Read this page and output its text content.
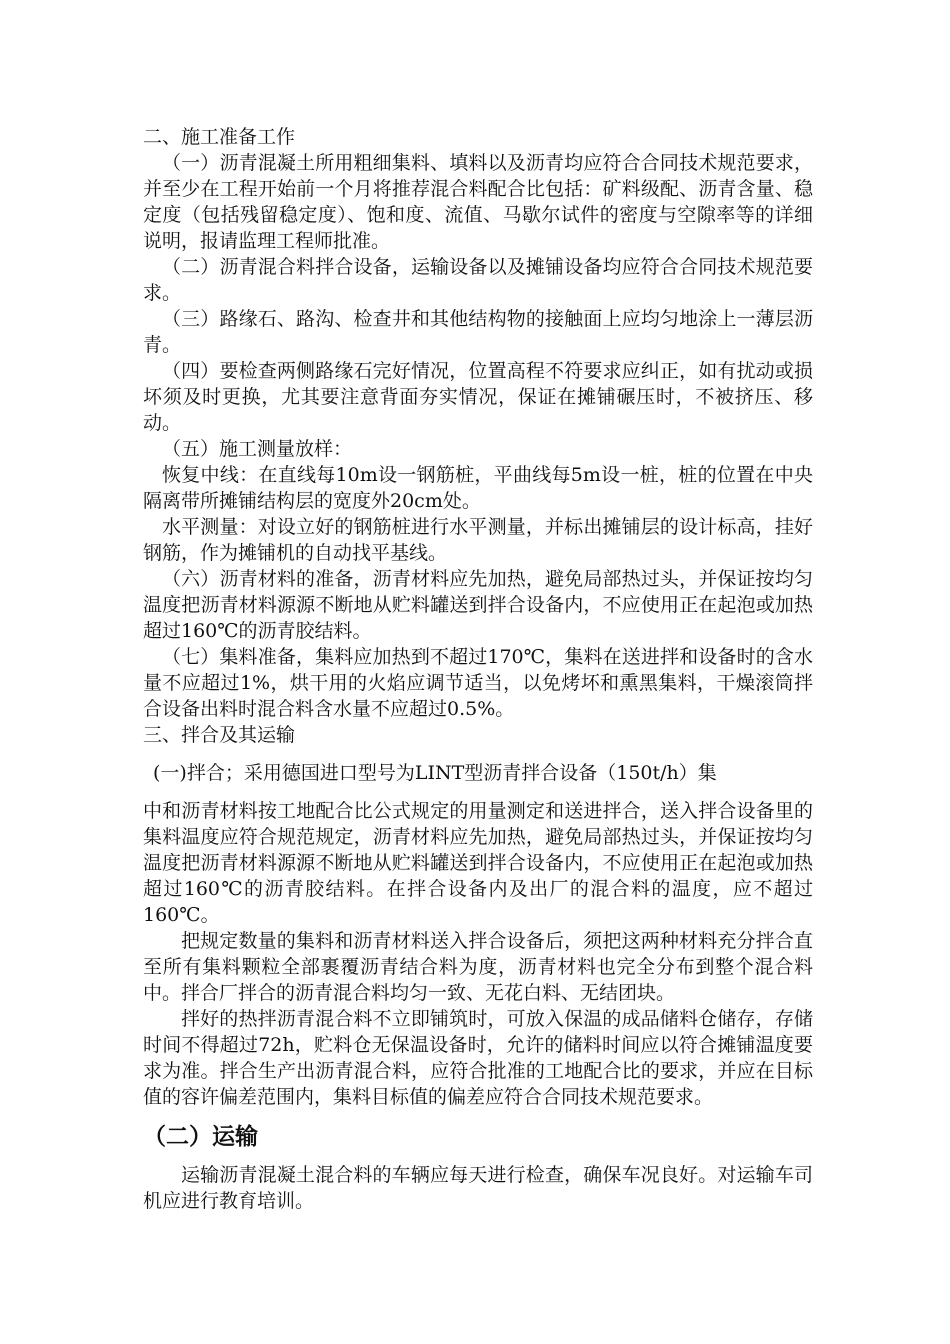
二、施工准备工作

（一）沥青混凝土所用粗细集料、填料以及沥青均应符合合同技术规范要求，并至少在工程开始前一个月将推荐混合料配合比包括：矿料级配、沥青含量、稳定度（包括残留稳定度）、饱和度、流值、马歇尔试件的密度与空隙率等的详细说明，报请监理工程师批准。

（二）沥青混合料拌合设备，运输设备以及摊铺设备均应符合合同技术规范要求。

（三）路缘石、路沟、检查井和其他结构物的接触面上应均匀地涂上一薄层沥青。

（四）要检查两侧路缘石完好情况，位置高程不符要求应纠正，如有扰动或损坏须及时更换，尤其要注意背面夯实情况，保证在摊铺碾压时，不被挤压、移动。

（五）施工测量放样：

恢复中线：在直线每10m设一钢筋桩，平曲线每5m设一桩，桩的位置在中央隔离带所摊铺结构层的宽度外20cm处。

水平测量：对设立好的钢筋桩进行水平测量，并标出摊铺层的设计标高，挂好钢筋，作为摊铺机的自动找平基线。

（六）沥青材料的准备，沥青材料应先加热，避免局部热过头，并保证按均匀温度把沥青材料源源不断地从贮料罐送到拌合设备内，不应使用正在起泡或加热超过160℃的沥青胶结料。

（七）集料准备，集料应加热到不超过170℃，集料在送进拌和设备时的含水量不应超过1%，烘干用的火焰应调节适当，以免烤坏和熏黑集料，干燥滚筒拌合设备出料时混合料含水量不应超过0.5%。

三、拌合及其运输

(一)拌合；采用德国进口型号为LINT型沥青拌合设备（150t/h）集

中和沥青材料按工地配合比公式规定的用量测定和送进拌合，送入拌合设备里的集料温度应符合规范规定，沥青材料应先加热，避免局部热过头，并保证按均匀温度把沥青材料源源不断地从贮料罐送到拌合设备内，不应使用正在起泡或加热超过160℃的沥青胶结料。在拌合设备内及出厂的混合料的温度，应不超过160℃。

把规定数量的集料和沥青材料送入拌合设备后，须把这两种材料充分拌合直至所有集料颗粒全部裹覆沥青结合料为度，沥青材料也完全分布到整个混合料中。拌合厂拌合的沥青混合料均匀一致、无花白料、无结团块。

拌好的热拌沥青混合料不立即铺筑时，可放入保温的成品储料仓储存，存储时间不得超过72h，贮料仓无保温设备时，允许的储料时间应以符合摊铺温度要求为准。拌合生产出沥青混合料，应符合批准的工地配合比的要求，并应在目标值的容许偏差范围内，集料目标值的偏差应符合合同技术规范要求。

（二）运输

运输沥青混凝土混合料的车辆应每天进行检查，确保车况良好。对运输车司机应进行教育培训。
